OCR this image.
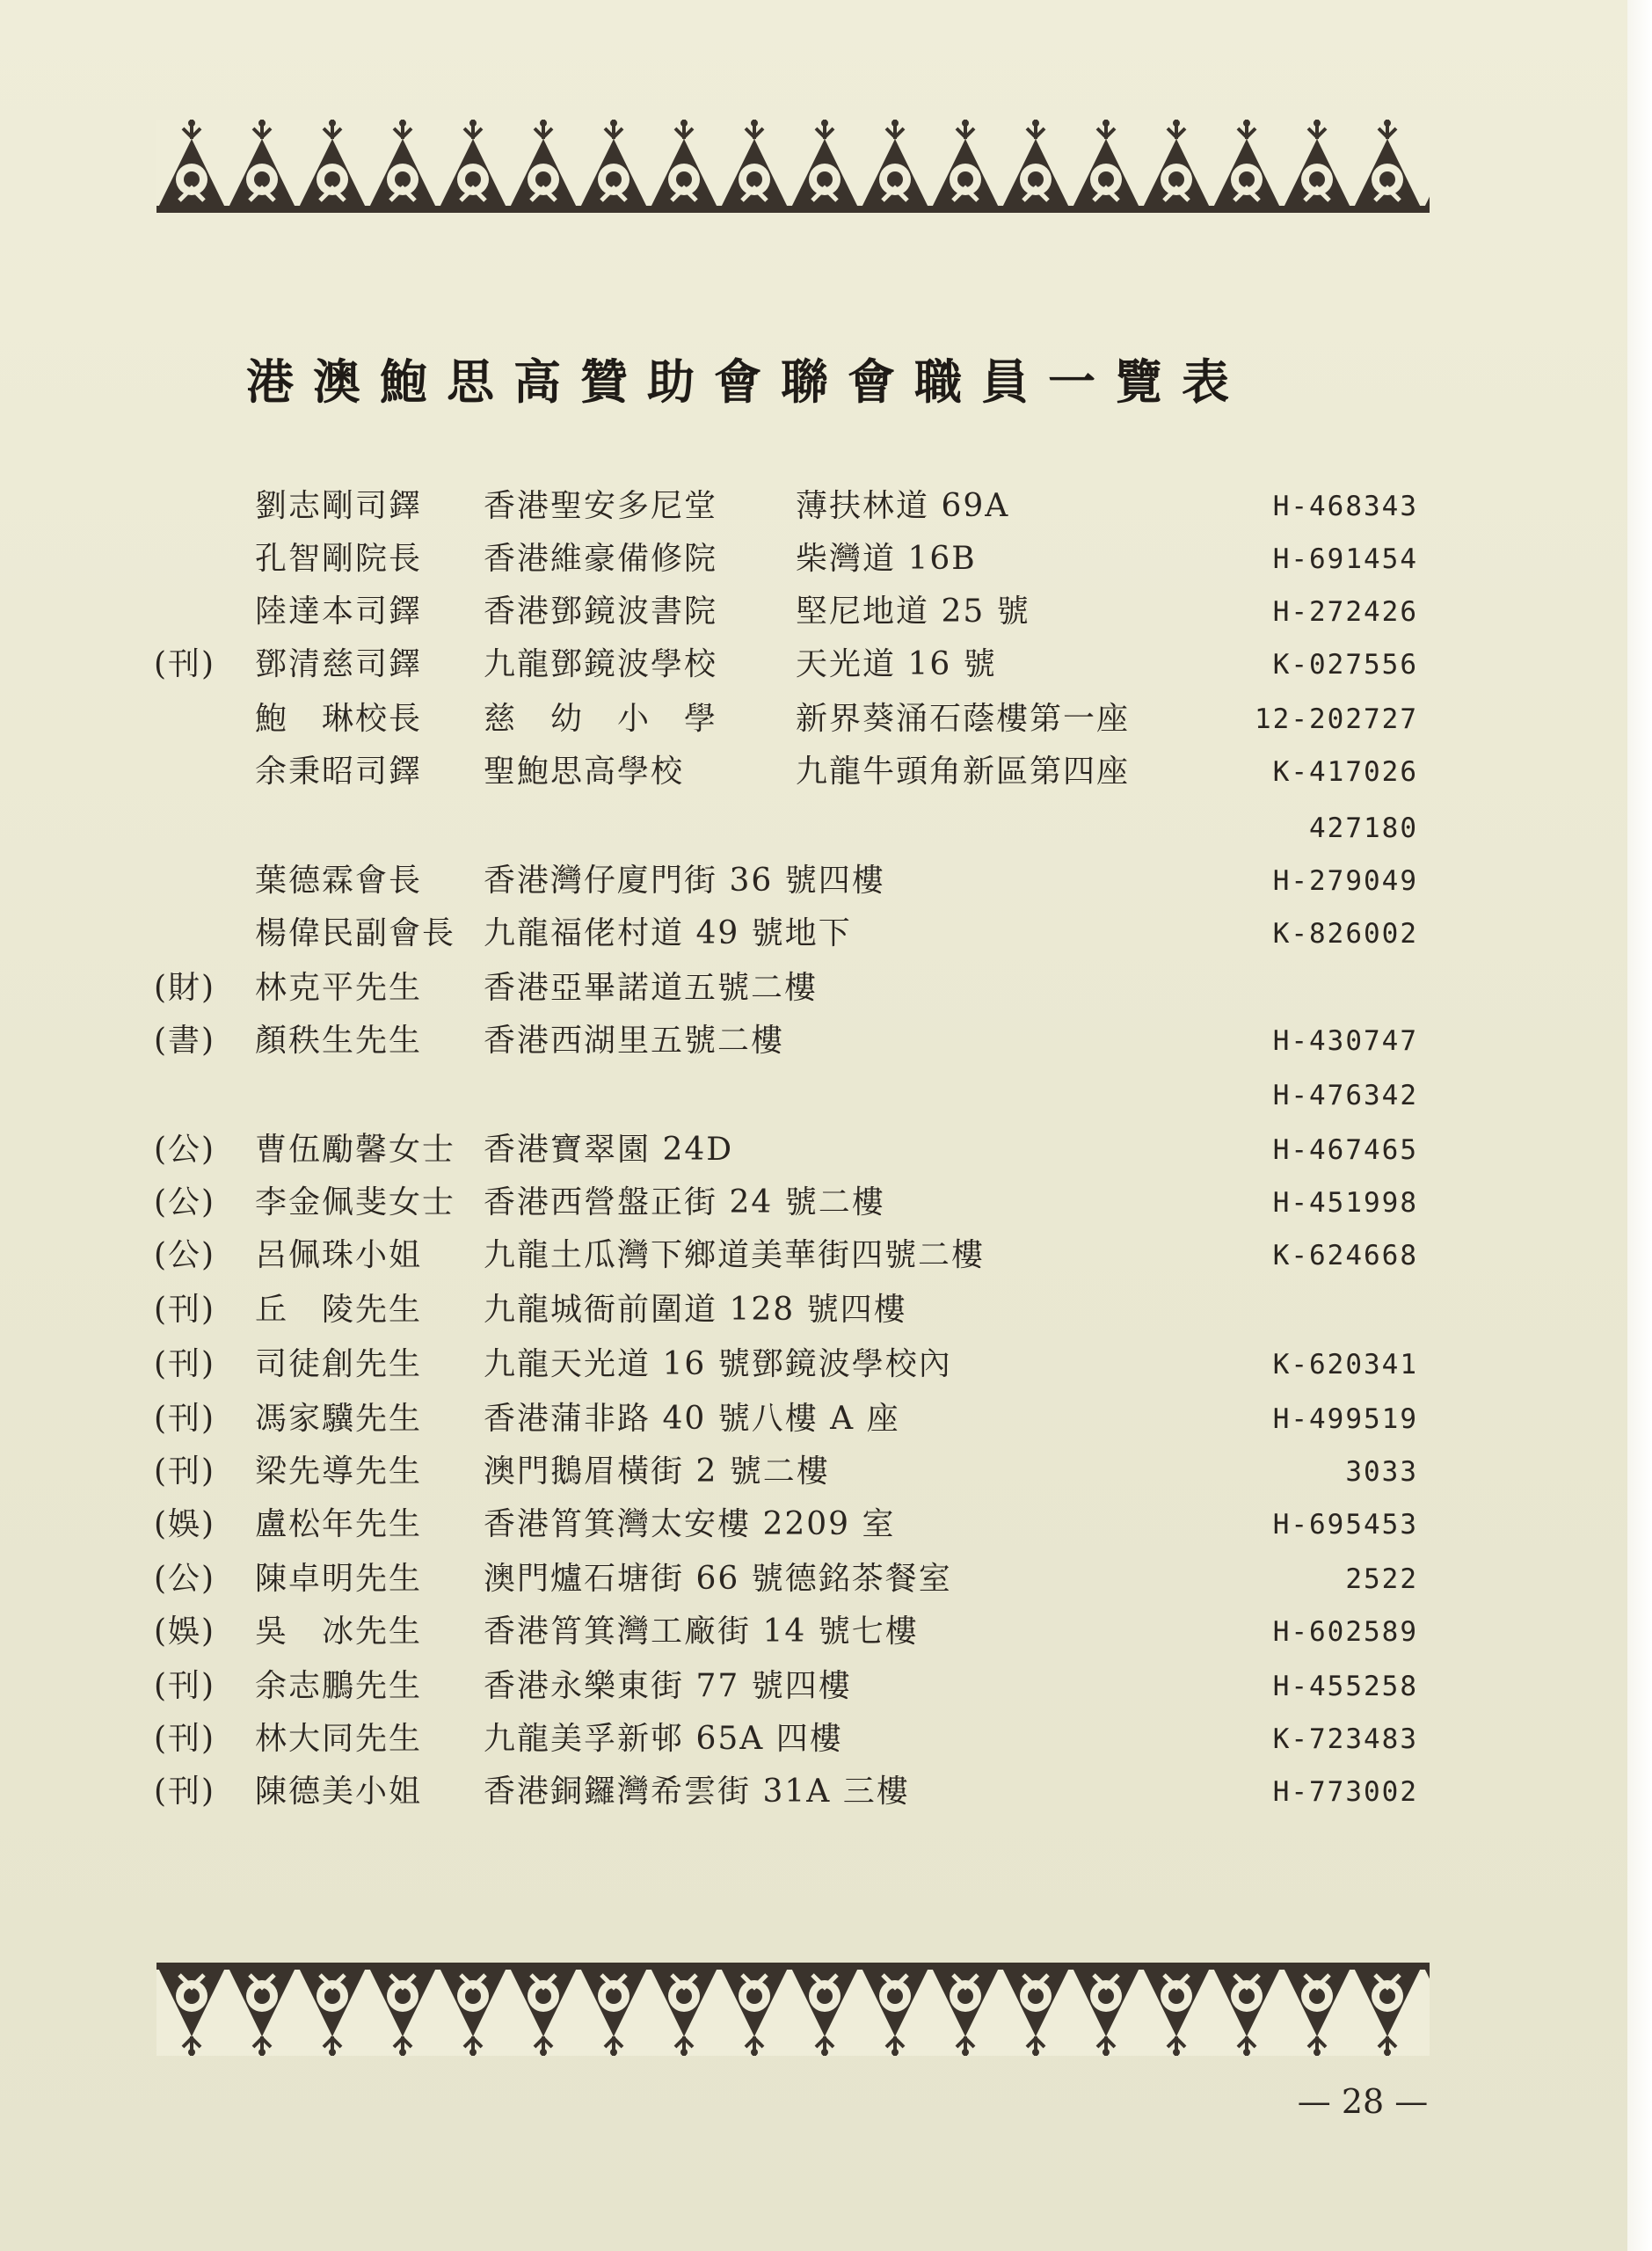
港澳鮑思高贊助會聯會職員一覽表
劉志剛司鐸	香港聖安多尼堂	薄扶林道 69A	H-468343
孔智剛院長	香港維豪備修院	柴灣道 16B	H-691454
陸達本司鐸	香港鄧鏡波書院	堅尼地道 25 號	H-272426
(刊)	鄧清慈司鐸	九龍鄧鏡波學校	天光道 16 號	K-027556
鮑　琳校長	慈　幼　小　學	新界葵涌石蔭樓第一座	12-202727
余秉昭司鐸	聖鮑思高學校	九龍牛頭角新區第四座	K-417026
427180
葉德霖會長	香港灣仔廈門街 36 號四樓	H-279049
楊偉民副會長 九龍福佬村道 49 號地下	K-826002
(財)	林克平先生	香港亞畢諾道五號二樓
(書)	顏秩生先生	香港西湖里五號二樓	H-430747
H-476342
(公)	曹伍勵馨女士 香港寶翠園 24D	H-467465
(公)	李金佩斐女士 香港西營盤正街 24 號二樓	H-451998
(公)	呂佩珠小姐	九龍土瓜灣下鄉道美華街四號二樓	K-624668
(刊)	丘　陵先生	九龍城衙前圍道 128 號四樓
(刊)	司徒創先生	九龍天光道 16 號鄧鏡波學校內	K-620341
(刊)	馮家驥先生	香港蒲非路 40 號八樓 A 座	H-499519
(刊)	梁先導先生	澳門鵝眉橫街 2 號二樓	3033
(娛)	盧松年先生	香港筲箕灣太安樓 2209 室	H-695453
(公)	陳卓明先生	澳門爐石塘街 66 號德銘茶餐室	2522
(娛)	吳　冰先生	香港筲箕灣工廠街 14 號七樓	H-602589
(刊)	余志鵬先生	香港永樂東街 77 號四樓	H-455258
(刊)	林大同先生	九龍美孚新邨 65A 四樓	K-723483
(刊)	陳德美小姐	香港銅鑼灣希雲街 31A 三樓	H-773002
— 28 —
